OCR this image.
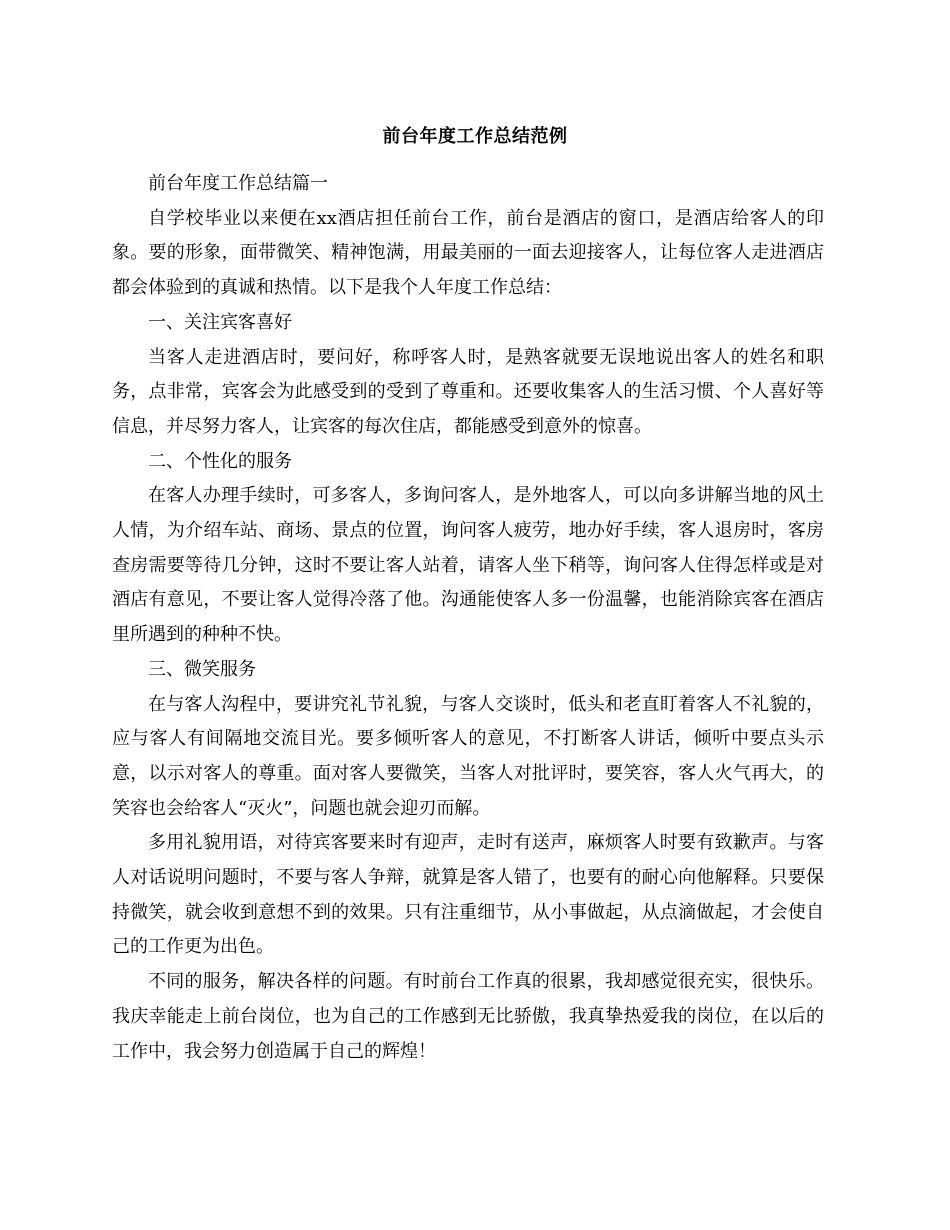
前台年度工作总结范例

前台年度工作总结篇一

自学校毕业以来便在xx酒店担任前台工作，前台是酒店的窗口，是酒店给客人的印象。要的形象，面带微笑、精神饱满，用最美丽的一面去迎接客人，让每位客人走进酒店都会体验到的真诚和热情。以下是我个人年度工作总结：

一、关注宾客喜好

当客人走进酒店时，要问好，称呼客人时，是熟客就要无误地说出客人的姓名和职务，点非常，宾客会为此感受到的受到了尊重和。还要收集客人的生活习惯、个人喜好等信息，并尽努力客人，让宾客的每次住店，都能感受到意外的惊喜。

二、个性化的服务

在客人办理手续时，可多客人，多询问客人，是外地客人，可以向多讲解当地的风土人情，为介绍车站、商场、景点的位置，询问客人疲劳，地办好手续，客人退房时，客房查房需要等待几分钟，这时不要让客人站着，请客人坐下稍等，询问客人住得怎样或是对酒店有意见，不要让客人觉得冷落了他。沟通能使客人多一份温馨，也能消除宾客在酒店里所遇到的种种不快。

三、微笑服务

在与客人沟程中，要讲究礼节礼貌，与客人交谈时，低头和老直盯着客人不礼貌的，应与客人有间隔地交流目光。要多倾听客人的意见，不打断客人讲话，倾听中要点头示意，以示对客人的尊重。面对客人要微笑，当客人对批评时，要笑容，客人火气再大，的笑容也会给客人“灭火”，问题也就会迎刃而解。

多用礼貌用语，对待宾客要来时有迎声，走时有送声，麻烦客人时要有致歉声。与客人对话说明问题时，不要与客人争辩，就算是客人错了，也要有的耐心向他解释。只要保持微笑，就会收到意想不到的效果。只有注重细节，从小事做起，从点滴做起，才会使自己的工作更为出色。

不同的服务，解决各样的问题。有时前台工作真的很累，我却感觉很充实，很快乐。我庆幸能走上前台岗位，也为自己的工作感到无比骄傲，我真挚热爱我的岗位，在以后的工作中，我会努力创造属于自己的辉煌！
